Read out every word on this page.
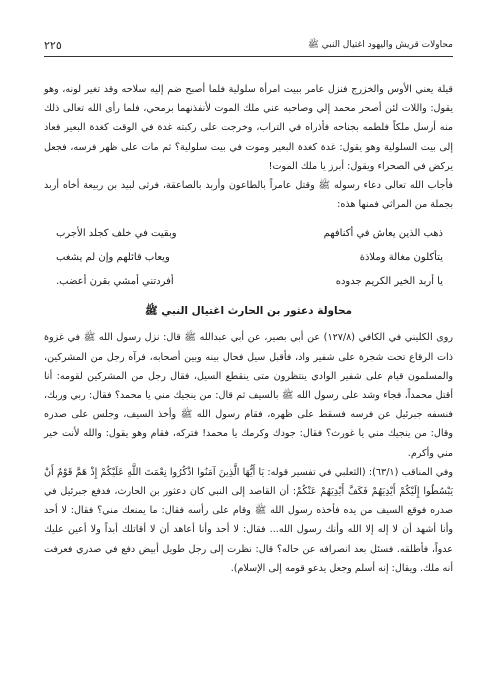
٢٢٥	محاولات قريش واليهود اغتيال النبي ﷺ

قيلة يعني الأوس والخزرج فنزل عامر ببيت امرأة سلولية فلما أصبح ضم إليه سلاحه وقد تغير لونه، وهو يقول: واللات لئن أصحر محمد إلي وصاحبه عني ملك الموت لأنفذنهما برمحي، فلما رأى الله تعالى ذلك منه أرسل ملكاً فلطمه بجناحه فأذراه في التراب، وخرجت على ركبته غدة في الوقت كغدة البعير فعاد إلى بيت السلولية وهو يقول: غدة كغدة البعير وموت في بيت سلولية؟ ثم مات على ظهر فرسه، فجعل يركض في الصحراء ويقول: أبرز يا ملك الموت!

فأجاب الله تعالى دعاء رسوله ﷺ وقتل عامراً بالطاعون وأربد بالصاعقة، فرثى لبيد بن ربيعة أخاه أربد بجملة من المراثي فمنها هذه:

ذهب الذين يعاش في أكنافهم
وبقيت في خلف كجلد الأجرب
يتأكلون مغالة وملاذة
ويعاب قائلهم وإن لم يشغب
يا أربد الخير الكريم جدوده
أفردتني أمشي بقرن أعضب.
محاولة دعثور بن الحارث اغتيال النبي ﷺ

روى الكليني في الكافي (١٢٧/٨) عن أبي بصير، عن أبي عبدالله ﷺ قال: نزل رسول الله ﷺ في غزوة ذات الرقاع تحت شجرة على شفير واد، فأقبل سيل فحال بينه وبين أصحابه، فرآه رجل من المشركين، والمسلمون قيام على شفير الوادي ينتظرون متى ينقطع السيل، فقال رجل من المشركين لقومه: أنا أقتل محمداً، فجاء وشد على رسول الله ﷺ بالسيف ثم قال: من ينجيك مني يا محمد؟ فقال: ربي وربك، فنسفه جبرئيل عن فرسه فسقط على ظهره، فقام رسول الله ﷺ وأخذ السيف، وجلس على صدره وقال: من ينجيك مني يا غورث؟ فقال: جودك وكرمك يا محمد! فتركه، فقام وهو يقول: والله لأنت خير مني وأكرم.

وفي المناقب (٦٣/١): (الثعلبي في تفسير قوله: يَا أَيُّهَا الَّذِينَ آمَنُوا اذْكُرُوا نِعْمَتَ اللَّهِ عَلَيْكُمْ إِذْ هَمَّ قَوْمٌ أَنْ يَبْسُطُوا إِلَيْكُمْ أَيْدِيَهُمْ فَكَفَّ أَيْدِيَهُمْ عَنْكُمْ: أن القاصد إلى النبي كان دعثور بن الحارث، فدفع جبرئيل في صدره فوقع السيف من يده فأخذه رسول الله ﷺ وقام على رأسه فقال: ما يمنعك مني؟ فقال: لا أحد وأنا أشهد أن لا إله إلا الله وأنك رسول الله... فقال: لا أحد وأنا أعاهد أن لا أقاتلك أبداً ولا أعين عليك عدواً، فأطلقه. فسئل بعد انصرافه عن حاله؟ قال: نظرت إلى رجل طويل أبيض دفع في صدري فعرفت أنه ملك. ويقال: إنه أسلم وجعل يدعو قومه إلى الإسلام).
